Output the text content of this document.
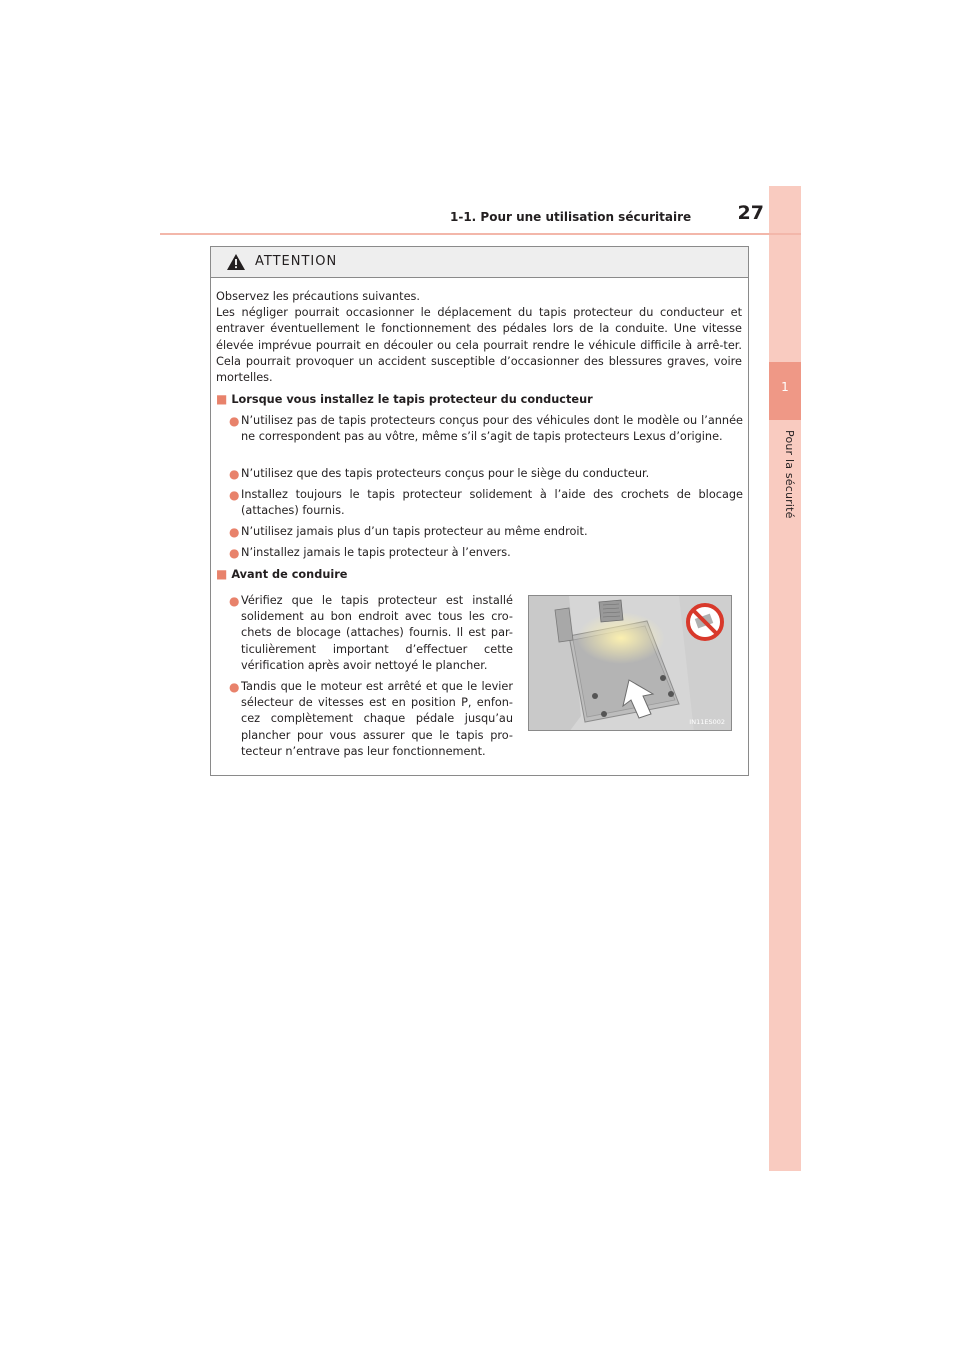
1
Pour la sécurité
1-1. Pour une utilisation sécuritaire 27
ATTENTION

Observez les précautions suivantes.
Les négliger pourrait occasionner le déplacement du tapis protecteur du conducteur et entraver éventuellement le fonctionnement des pédales lors de la conduite. Une vitesse élevée imprévue pourrait en découler ou cela pourrait rendre le véhicule difficile à arrê-ter. Cela pourrait provoquer un accident susceptible d’occasionner des blessures graves, voire mortelles.

■ Lorsque vous installez le tapis protecteur du conducteur
● N’utilisez pas de tapis protecteurs conçus pour des véhicules dont le modèle ou l’année ne correspondent pas au vôtre, même s’il s’agit de tapis protecteurs Lexus d’origine.
● N’utilisez que des tapis protecteurs conçus pour le siège du conducteur.
● Installez toujours le tapis protecteur solidement à l’aide des crochets de blocage (attaches) fournis.
● N’utilisez jamais plus d’un tapis protecteur au même endroit.
● N’installez jamais le tapis protecteur à l’envers.
■ Avant de conduire
● Vérifiez que le tapis protecteur est installé solidement au bon endroit avec tous les cro-chets de blocage (attaches) fournis. Il est par-ticulièrement important d’effectuer cette vérification après avoir nettoyé le plancher.
● Tandis que le moteur est arrêté et que le levier sélecteur de vitesses est en position P, enfon-cez complètement chaque pédale jusqu’au plancher pour vous assurer que le tapis pro-tecteur n’entrave pas leur fonctionnement.
IN11ES002
